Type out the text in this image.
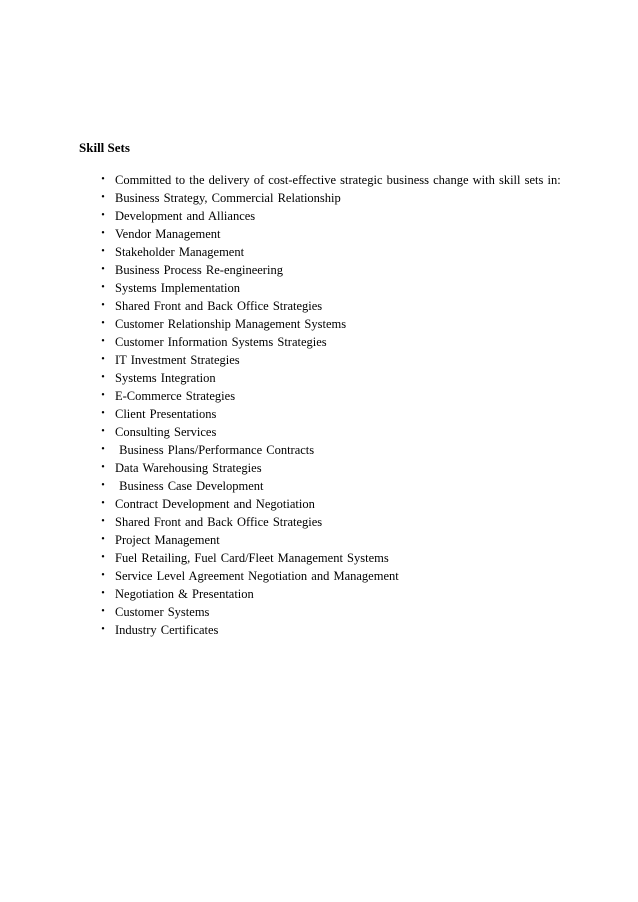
Skill Sets
• Committed to the delivery of cost-effective strategic business change with skill sets in:
• Business Strategy, Commercial Relationship
• Development and Alliances
• Vendor Management
• Stakeholder Management
• Business Process Re-engineering
• Systems Implementation
• Shared Front and Back Office Strategies
• Customer Relationship Management Systems
• Customer Information Systems Strategies
• IT Investment Strategies
• Systems Integration
• E-Commerce Strategies
• Client Presentations
• Consulting Services
• Business Plans/Performance Contracts
• Data Warehousing Strategies
• Business Case Development
• Contract Development and Negotiation
• Shared Front and Back Office Strategies
• Project Management
• Fuel Retailing, Fuel Card/Fleet Management Systems
• Service Level Agreement Negotiation and Management
• Negotiation & Presentation
• Customer Systems
• Industry Certificates
